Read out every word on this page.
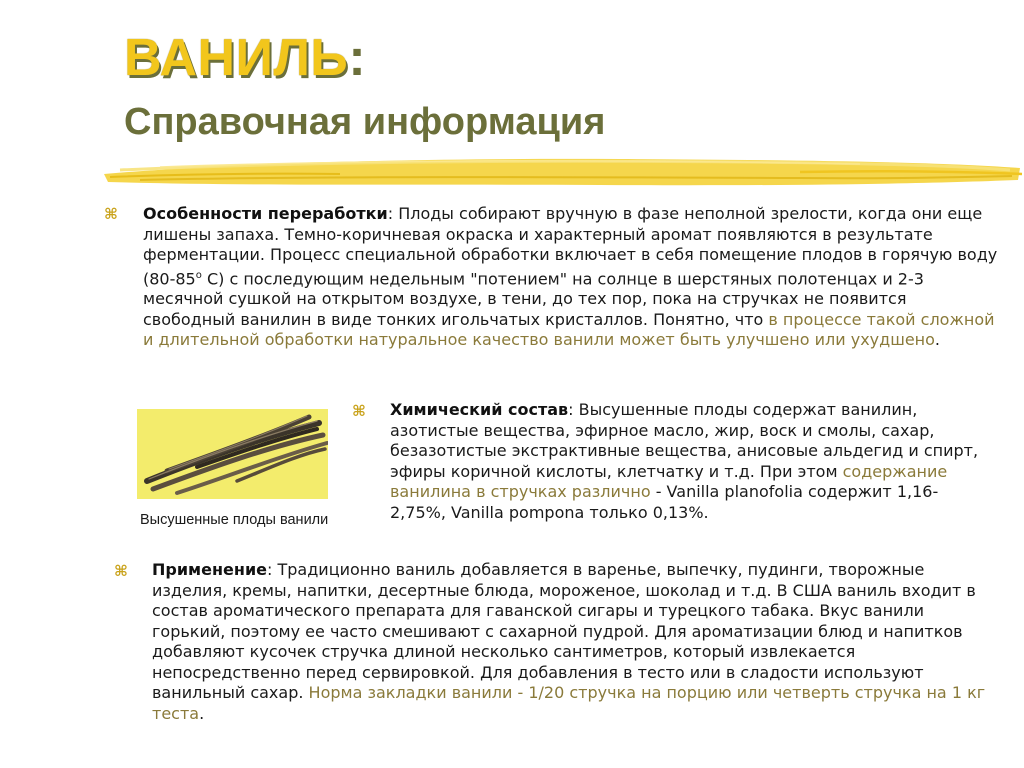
ВАНИЛЬ:
Справочная информация
⌘ Особенности переработки: Плоды собирают вручную в фазе неполной зрелости, когда они еще лишены запаха. Темно-коричневая окраска и характерный аромат появляются в результате ферментации. Процесс специальной обработки включает в себя помещение плодов в горячую воду ($80-85^о$ С) с последующим недельным "потением" на солнце в шерстяных полотенцах и 2-3 месячной сушкой на открытом воздухе, в тени, до тех пор, пока на стручках не появится свободный ванилин в виде тонких игольчатых кристаллов. Понятно, что в процессе такой сложной и длительной обработки натуральное качество ванили может быть улучшено или ухудшено.
Высушенные плоды ванили
⌘ Химический состав: Высушенные плоды содержат ванилин, азотистые вещества, эфирное масло, жир, воск и смолы, сахар, безазотистые экстрактивные вещества, анисовые альдегид и спирт, эфиры коричной кислоты, клетчатку и т.д. При этом содержание ванилина в стручках различно - Vanilla planofolia содержит 1,16-2,75%, Vanilla pompona только 0,13%.
⌘ Применение: Традиционно ваниль добавляется в варенье, выпечку, пудинги, творожные изделия, кремы, напитки, десертные блюда, мороженое, шоколад и т.д. В США ваниль входит в состав ароматического препарата для гаванской сигары и турецкого табака. Вкус ванили горький, поэтому ее часто смешивают с сахарной пудрой. Для ароматизации блюд и напитков добавляют кусочек стручка длиной несколько сантиметров, который извлекается непосредственно перед сервировкой. Для добавления в тесто или в сладости используют ванильный сахар. Норма закладки ванили - 1/20 стручка на порцию или четверть стручка на 1 кг теста.
